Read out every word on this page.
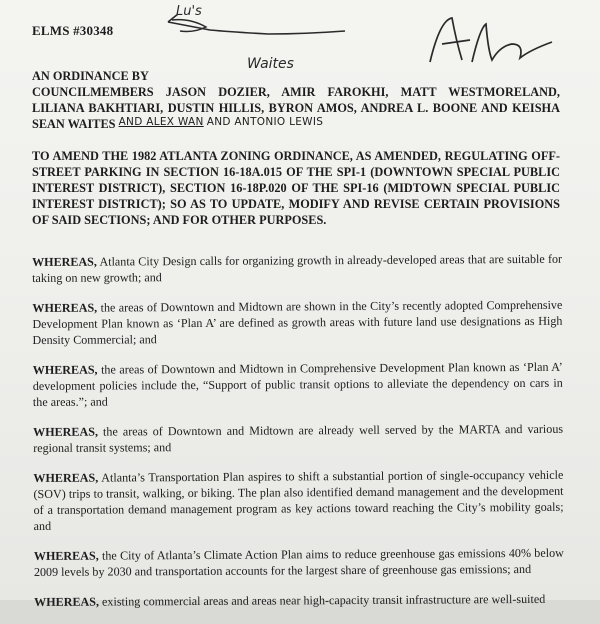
ELMS #30348
Lu's
Waites
AN ORDINANCE BY
COUNCILMEMBERS JASON DOZIER, AMIR FAROKHI, MATT WESTMORELAND, LILIANA BAKHTIARI, DUSTIN HILLIS, BYRON AMOS, ANDREA L. BOONE AND KEISHA SEAN WAITES AND ALEX WAN AND ANTONIO LEWIS
TO AMEND THE 1982 ATLANTA ZONING ORDINANCE, AS AMENDED, REGULATING OFF-STREET PARKING IN SECTION 16-18A.015 OF THE SPI-1 (DOWNTOWN SPECIAL PUBLIC INTEREST DISTRICT), SECTION 16-18P.020 OF THE SPI-16 (MIDTOWN SPECIAL PUBLIC INTEREST DISTRICT); SO AS TO UPDATE, MODIFY AND REVISE CERTAIN PROVISIONS OF SAID SECTIONS; AND FOR OTHER PURPOSES.

WHEREAS, Atlanta City Design calls for organizing growth in already-developed areas that are suitable for taking on new growth; and

WHEREAS, the areas of Downtown and Midtown are shown in the City’s recently adopted Comprehensive Development Plan known as ‘Plan A’ are defined as growth areas with future land use designations as High Density Commercial; and

WHEREAS, the areas of Downtown and Midtown in Comprehensive Development Plan known as ‘Plan A’ development policies include the, “Support of public transit options to alleviate the dependency on cars in the areas.”; and

WHEREAS, the areas of Downtown and Midtown are already well served by the MARTA and various regional transit systems; and

WHEREAS, Atlanta’s Transportation Plan aspires to shift a substantial portion of single-occupancy vehicle (SOV) trips to transit, walking, or biking. The plan also identified demand management and the development of a transportation demand management program as key actions toward reaching the City’s mobility goals; and

WHEREAS, the City of Atlanta’s Climate Action Plan aims to reduce greenhouse gas emissions 40% below 2009 levels by 2030 and transportation accounts for the largest share of greenhouse gas emissions; and

WHEREAS, existing commercial areas and areas near high-capacity transit infrastructure are well-suited
